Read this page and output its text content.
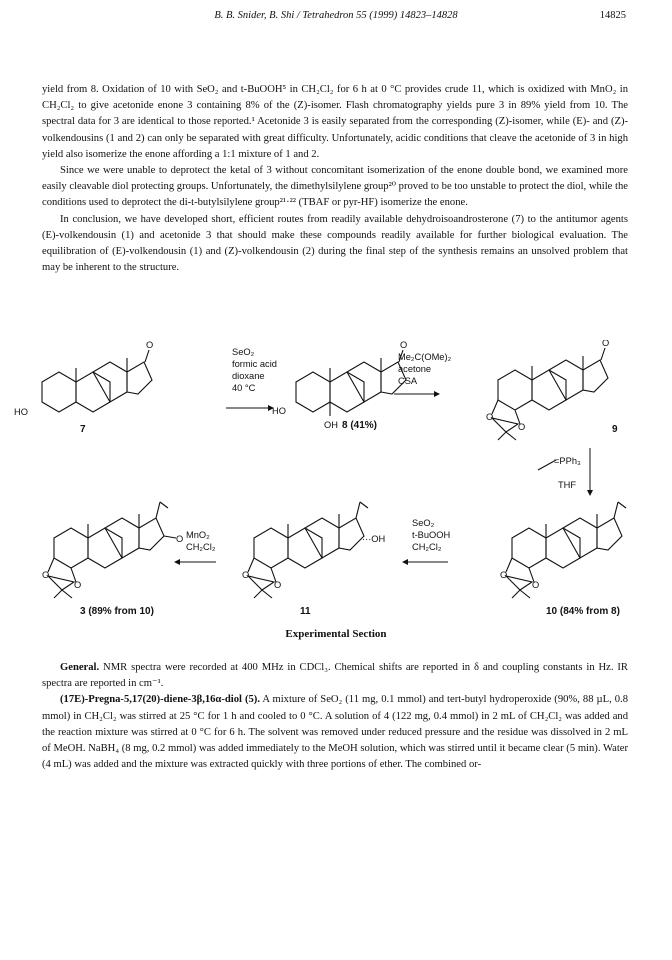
B. B. Snider, B. Shi / Tetrahedron 55 (1999) 14823–14828	14825

yield from 8. Oxidation of 10 with SeO₂ and t-BuOOH⁵ in CH₂Cl₂ for 6 h at 0 °C provides crude 11, which is oxidized with MnO₂ in CH₂Cl₂ to give acetonide enone 3 containing 8% of the (Z)-isomer. Flash chromatography yields pure 3 in 89% yield from 10. The spectral data for 3 are identical to those reported.¹ Acetonide 3 is easily separated from the corresponding (Z)-isomer, while (E)- and (Z)-volkendousins (1 and 2) can only be separated with great difficulty. Unfortunately, acidic conditions that cleave the acetonide of 3 in high yield also isomerize the enone affording a 1:1 mixture of 1 and 2.

Since we were unable to deprotect the ketal of 3 without concomitant isomerization of the enone double bond, we examined more easily cleavable diol protecting groups. Unfortunately, the dimethylsilylene group²⁰ proved to be too unstable to protect the diol, while the conditions used to deprotect the di-t-butylsilylene group²¹·²² (TBAF or pyr-HF) isomerize the enone.

In conclusion, we have developed short, efficient routes from readily available dehydroisoandrosterone (7) to the antitumor agents (E)-volkendousin (1) and acetonide 3 that should make these compounds readily available for further biological evaluation. The equilibration of (E)-volkendousin (1) and (Z)-volkendousin (2) during the final step of the synthesis remains an unsolved problem that may be inherent to the structure.

O
HO
7
SeO₂
formic acid
dioxane
40 °C
O
HO
OH 8 (41%)
Me₂C(OMe)₂
acetone
CSA
O
O
O	9
=PPh₃
THF
O
O
10 (84% from 8)
SeO₂
t-BuOOH
CH₂Cl₂
···OH
O
O
11
MnO₂
CH₂Cl₂
O
O
O
3 (89% from 10)
Experimental Section

General. NMR spectra were recorded at 400 MHz in CDCl₃. Chemical shifts are reported in δ and coupling constants in Hz. IR spectra are reported in cm⁻¹.

(17E)-Pregna-5,17(20)-diene-3β,16α-diol (5). A mixture of SeO₂ (11 mg, 0.1 mmol) and tert-butyl hydroperoxide (90%, 88 µL, 0.8 mmol) in CH₂Cl₂ was stirred at 25 °C for 1 h and cooled to 0 °C. A solution of 4 (122 mg, 0.4 mmol) in 2 mL of CH₂Cl₂ was added and the reaction mixture was stirred at 0 °C for 6 h. The solvent was removed under reduced pressure and the residue was dissolved in 2 mL of MeOH. NaBH₄ (8 mg, 0.2 mmol) was added immediately to the MeOH solution, which was stirred until it became clear (5 min). Water (4 mL) was added and the mixture was extracted quickly with three portions of ether. The combined or-
